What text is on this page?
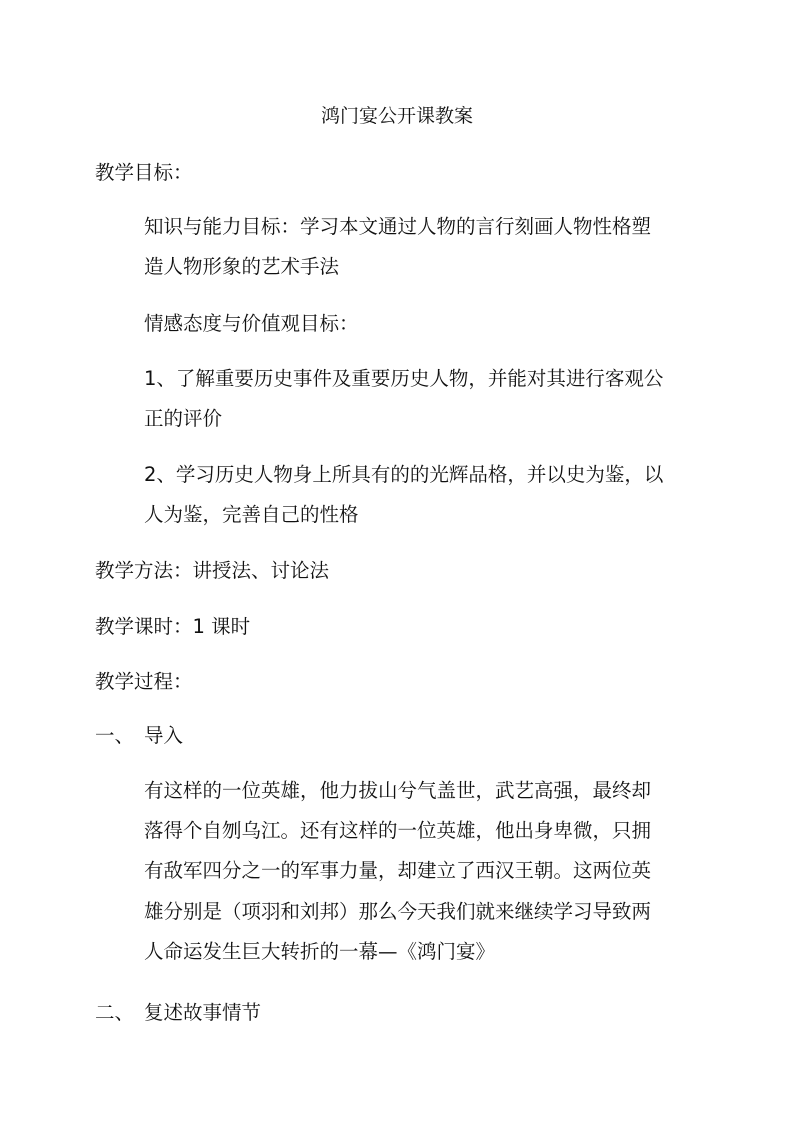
鸿门宴公开课教案
教学目标：
知识与能力目标：学习本文通过人物的言行刻画人物性格塑
造人物形象的艺术手法
情感态度与价值观目标：
1、了解重要历史事件及重要历史人物，并能对其进行客观公
正的评价
2、学习历史人物身上所具有的的光辉品格，并以史为鉴，以
人为鉴，完善自己的性格
教学方法：讲授法、讨论法
教学课时：1 课时
教学过程：
一、 导入
有这样的一位英雄，他力拔山兮气盖世，武艺高强，最终却
落得个自刎乌江。还有这样的一位英雄，他出身卑微，只拥
有敌军四分之一的军事力量，却建立了西汉王朝。这两位英
雄分别是（项羽和刘邦）那么今天我们就来继续学习导致两
人命运发生巨大转折的一幕—《鸿门宴》
二、 复述故事情节
